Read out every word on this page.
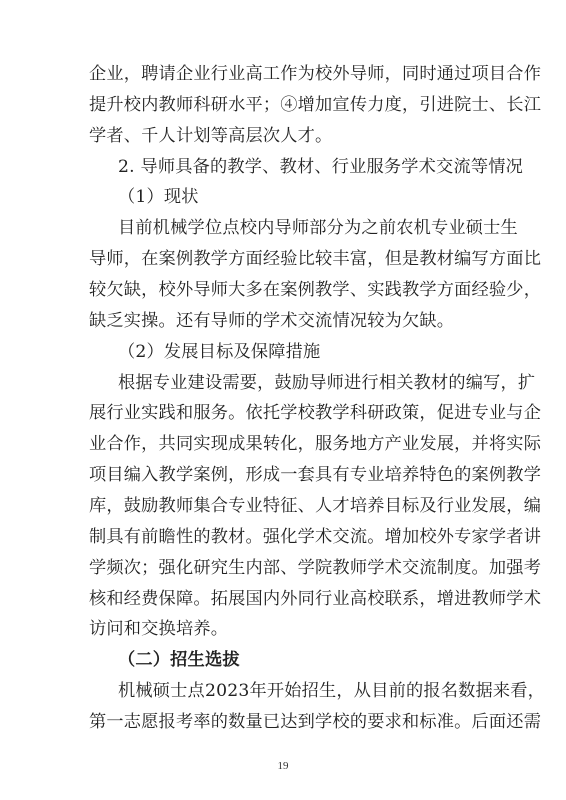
企业，聘请企业行业高工作为校外导师，同时通过项目合作
提升校内教师科研水平；④增加宣传力度，引进院士、长江
学者、千人计划等高层次人才。
2. 导师具备的教学、教材、行业服务学术交流等情况
（1）现状
目前机械学位点校内导师部分为之前农机专业硕士生
导师，在案例教学方面经验比较丰富，但是教材编写方面比
较欠缺，校外导师大多在案例教学、实践教学方面经验少，
缺乏实操。还有导师的学术交流情况较为欠缺。
（2）发展目标及保障措施
根据专业建设需要，鼓励导师进行相关教材的编写，扩
展行业实践和服务。依托学校教学科研政策，促进专业与企
业合作，共同实现成果转化，服务地方产业发展，并将实际
项目编入教学案例，形成一套具有专业培养特色的案例教学
库，鼓励教师集合专业特征、人才培养目标及行业发展，编
制具有前瞻性的教材。强化学术交流。增加校外专家学者讲
学频次；强化研究生内部、学院教师学术交流制度。加强考
核和经费保障。拓展国内外同行业高校联系，增进教师学术
访问和交换培养。
（二）招生选拔
机械硕士点2023年开始招生，从目前的报名数据来看，
第一志愿报考率的数量已达到学校的要求和标准。后面还需
19
